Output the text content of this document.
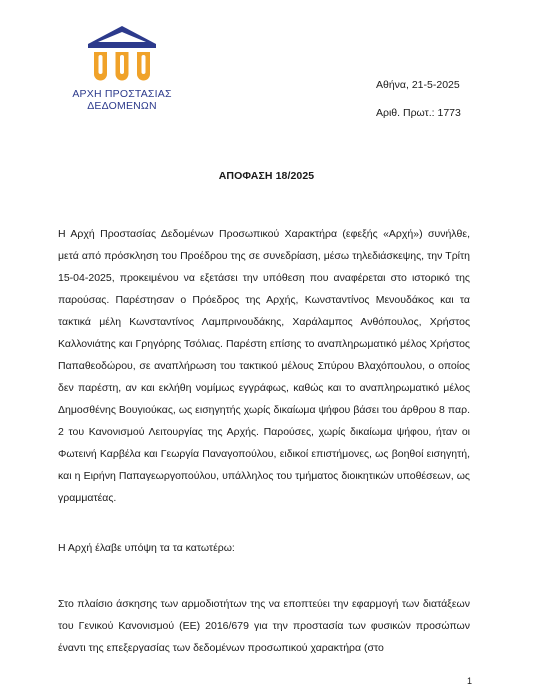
ΑΡΧΗ ΠΡΟΣΤΑΣΙΑΣ
ΔΕΔΟΜΕΝΩΝ
Αθήνα, 21-5-2025
Αριθ. Πρωτ.: 1773
ΑΠΟΦΑΣΗ 18/2025

Η Αρχή Προστασίας Δεδομένων Προσωπικού Χαρακτήρα (εφεξής «Αρχή») συνήλθε, μετά από πρόσκληση του Προέδρου της σε συνεδρίαση, μέσω τηλεδιάσκεψης, την Τρίτη 15-04-2025, προκειμένου να εξετάσει την υπόθεση που αναφέρεται στο ιστορικό της παρούσας. Παρέστησαν ο Πρόεδρος της Αρχής, Κωνσταντίνος Μενουδάκος και τα τακτικά μέλη Κωνσταντίνος Λαμπρινουδάκης, Χαράλαμπος Ανθόπουλος, Χρήστος Καλλονιάτης και Γρηγόρης Τσόλιας. Παρέστη επίσης το αναπληρωματικό μέλος Χρήστος Παπαθεοδώρου, σε αναπλήρωση του τακτικού μέλους Σπύρου Βλαχόπουλου, ο οποίος δεν παρέστη, αν και εκλήθη νομίμως εγγράφως, καθώς και το αναπληρωματικό μέλος Δημοσθένης Βουγιούκας, ως εισηγητής χωρίς δικαίωμα ψήφου βάσει του άρθρου 8 παρ. 2 του Κανονισμού Λειτουργίας της Αρχής. Παρούσες, χωρίς δικαίωμα ψήφου, ήταν οι Φωτεινή Καρβέλα και Γεωργία Παναγοπούλου, ειδικοί επιστήμονες, ως βοηθοί εισηγητή, και η Ειρήνη Παπαγεωργοπούλου, υπάλληλος του τμήματος διοικητικών υποθέσεων, ως γραμματέας.

Η Αρχή έλαβε υπόψη τα τα κατωτέρω:

Στο πλαίσιο άσκησης των αρμοδιοτήτων της να εποπτεύει την εφαρμογή των διατάξεων του Γενικού Κανονισμού (ΕΕ) 2016/679 για την προστασία των φυσικών προσώπων έναντι της επεξεργασίας των δεδομένων προσωπικού χαρακτήρα (στο

1
